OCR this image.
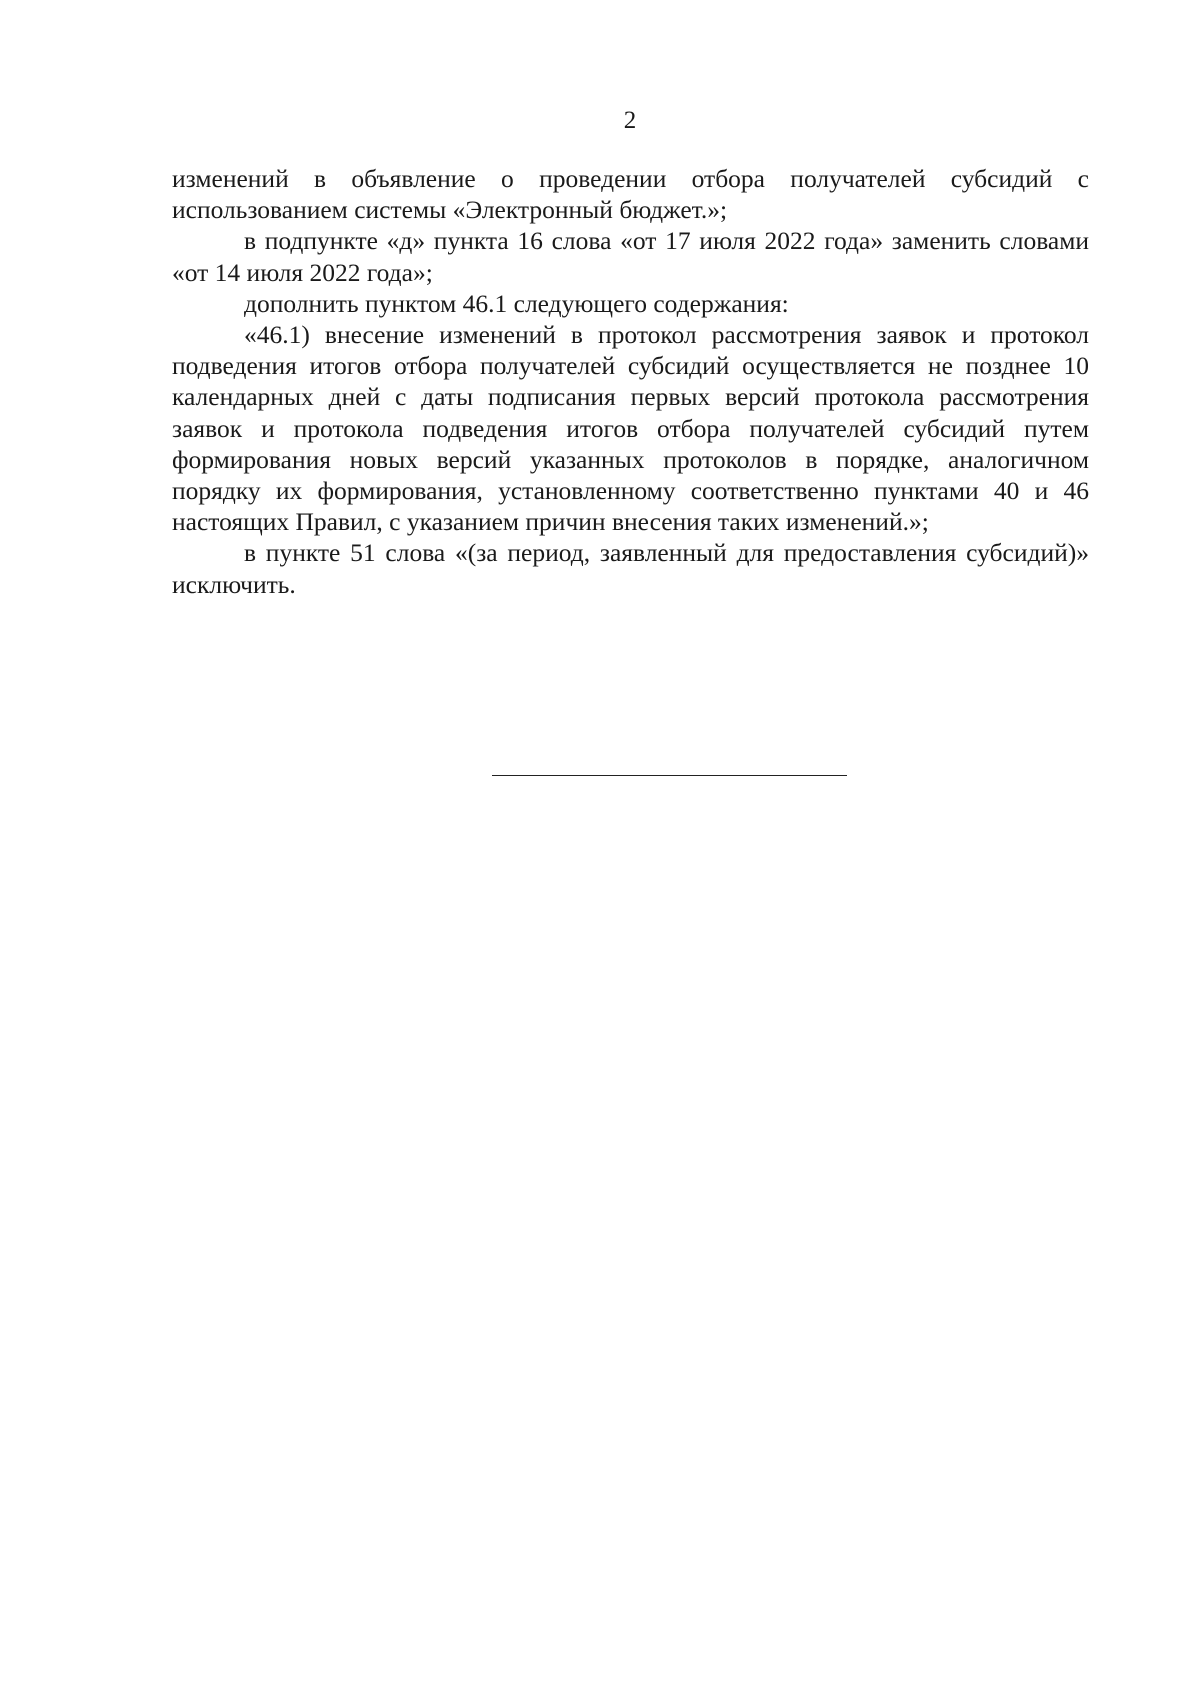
2

изменений в объявление о проведении отбора получателей субсидий с использованием системы «Электронный бюджет.»;

в подпункте «д» пункта 16 слова «от 17 июля 2022 года» заменить словами «от 14 июля 2022 года»;

дополнить пунктом 46.1 следующего содержания:

«46.1) внесение изменений в протокол рассмотрения заявок и протокол подведения итогов отбора получателей субсидий осуществляется не позднее 10 календарных дней с даты подписания первых версий протокола рассмотрения заявок и протокола подведения итогов отбора получателей субсидий путем формирования новых версий указанных протоколов в порядке, аналогичном порядку их формирования, установленному соответственно пунктами 40 и 46 настоящих Правил, с указанием причин внесения таких изменений.»;

в пункте 51 слова «(за период, заявленный для предоставления субсидий)» исключить.
